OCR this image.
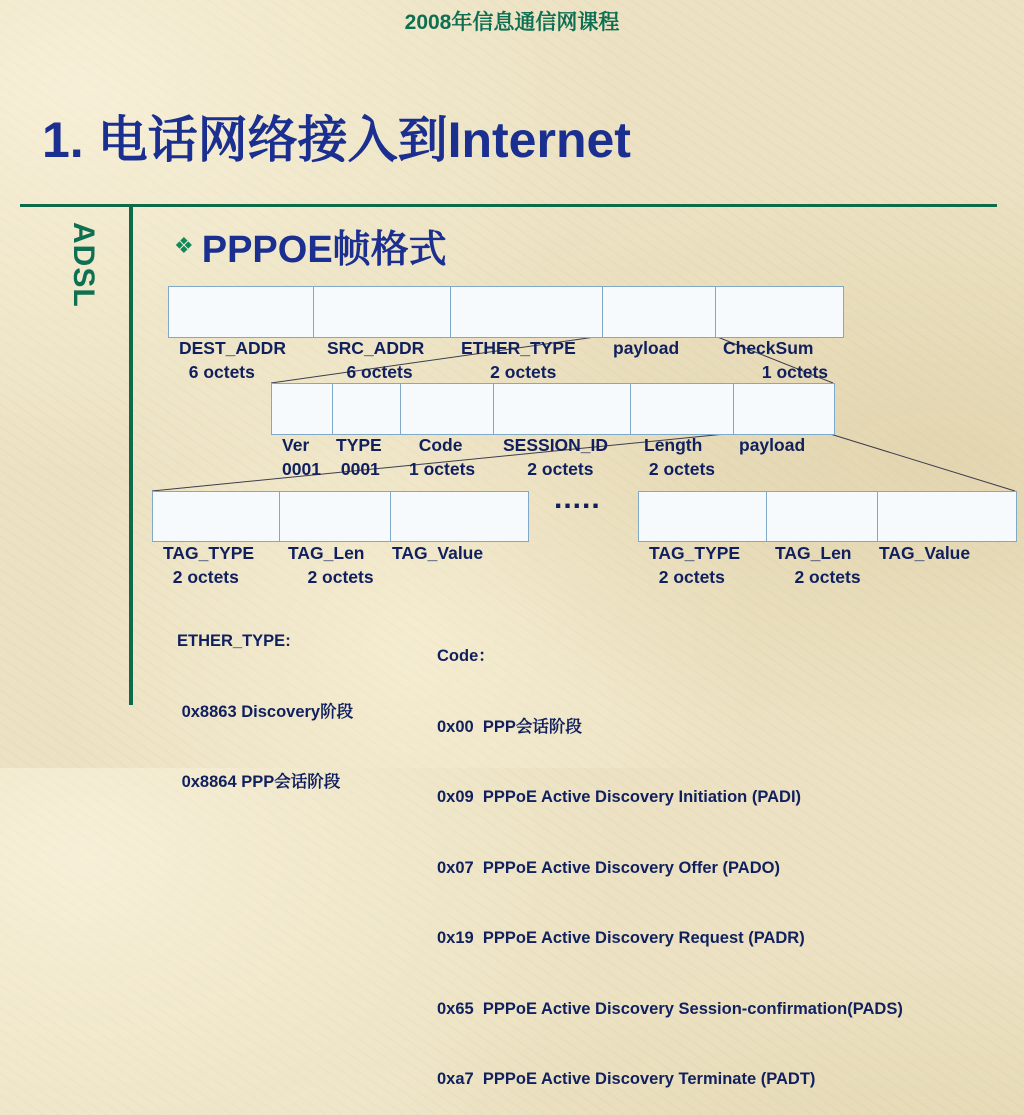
2008年信息通信网课程
1. 电话网络接入到Internet
ADSL	❖ PPPOE帧格式

DEST_ADDR
6 octets

SRC_ADDR
6 octets

ETHER_TYPE
2 octets

payload

	CheckSum
1 octets

Ver
0001

TYPE
0001

Code
1 octets

SESSION_ID
2 octets

Length
2 octets

payload

TAG_TYPE
2 octets

TAG_Len
2 octets

TAG_Value

.....

TAG_TYPE
2 octets

TAG_Len
2 octets

TAG_Value

ETHER_TYPE:

0x8863 Discovery阶段

0x8864 PPP会话阶段

Code：

0x00  PPP会话阶段

0x09  PPPoE Active Discovery Initiation (PADI)

0x07  PPPoE Active Discovery Offer (PADO)

0x19  PPPoE Active Discovery Request (PADR)

0x65  PPPoE Active Discovery Session-confirmation(PADS)

0xa7  PPPoE Active Discovery Terminate (PADT)
